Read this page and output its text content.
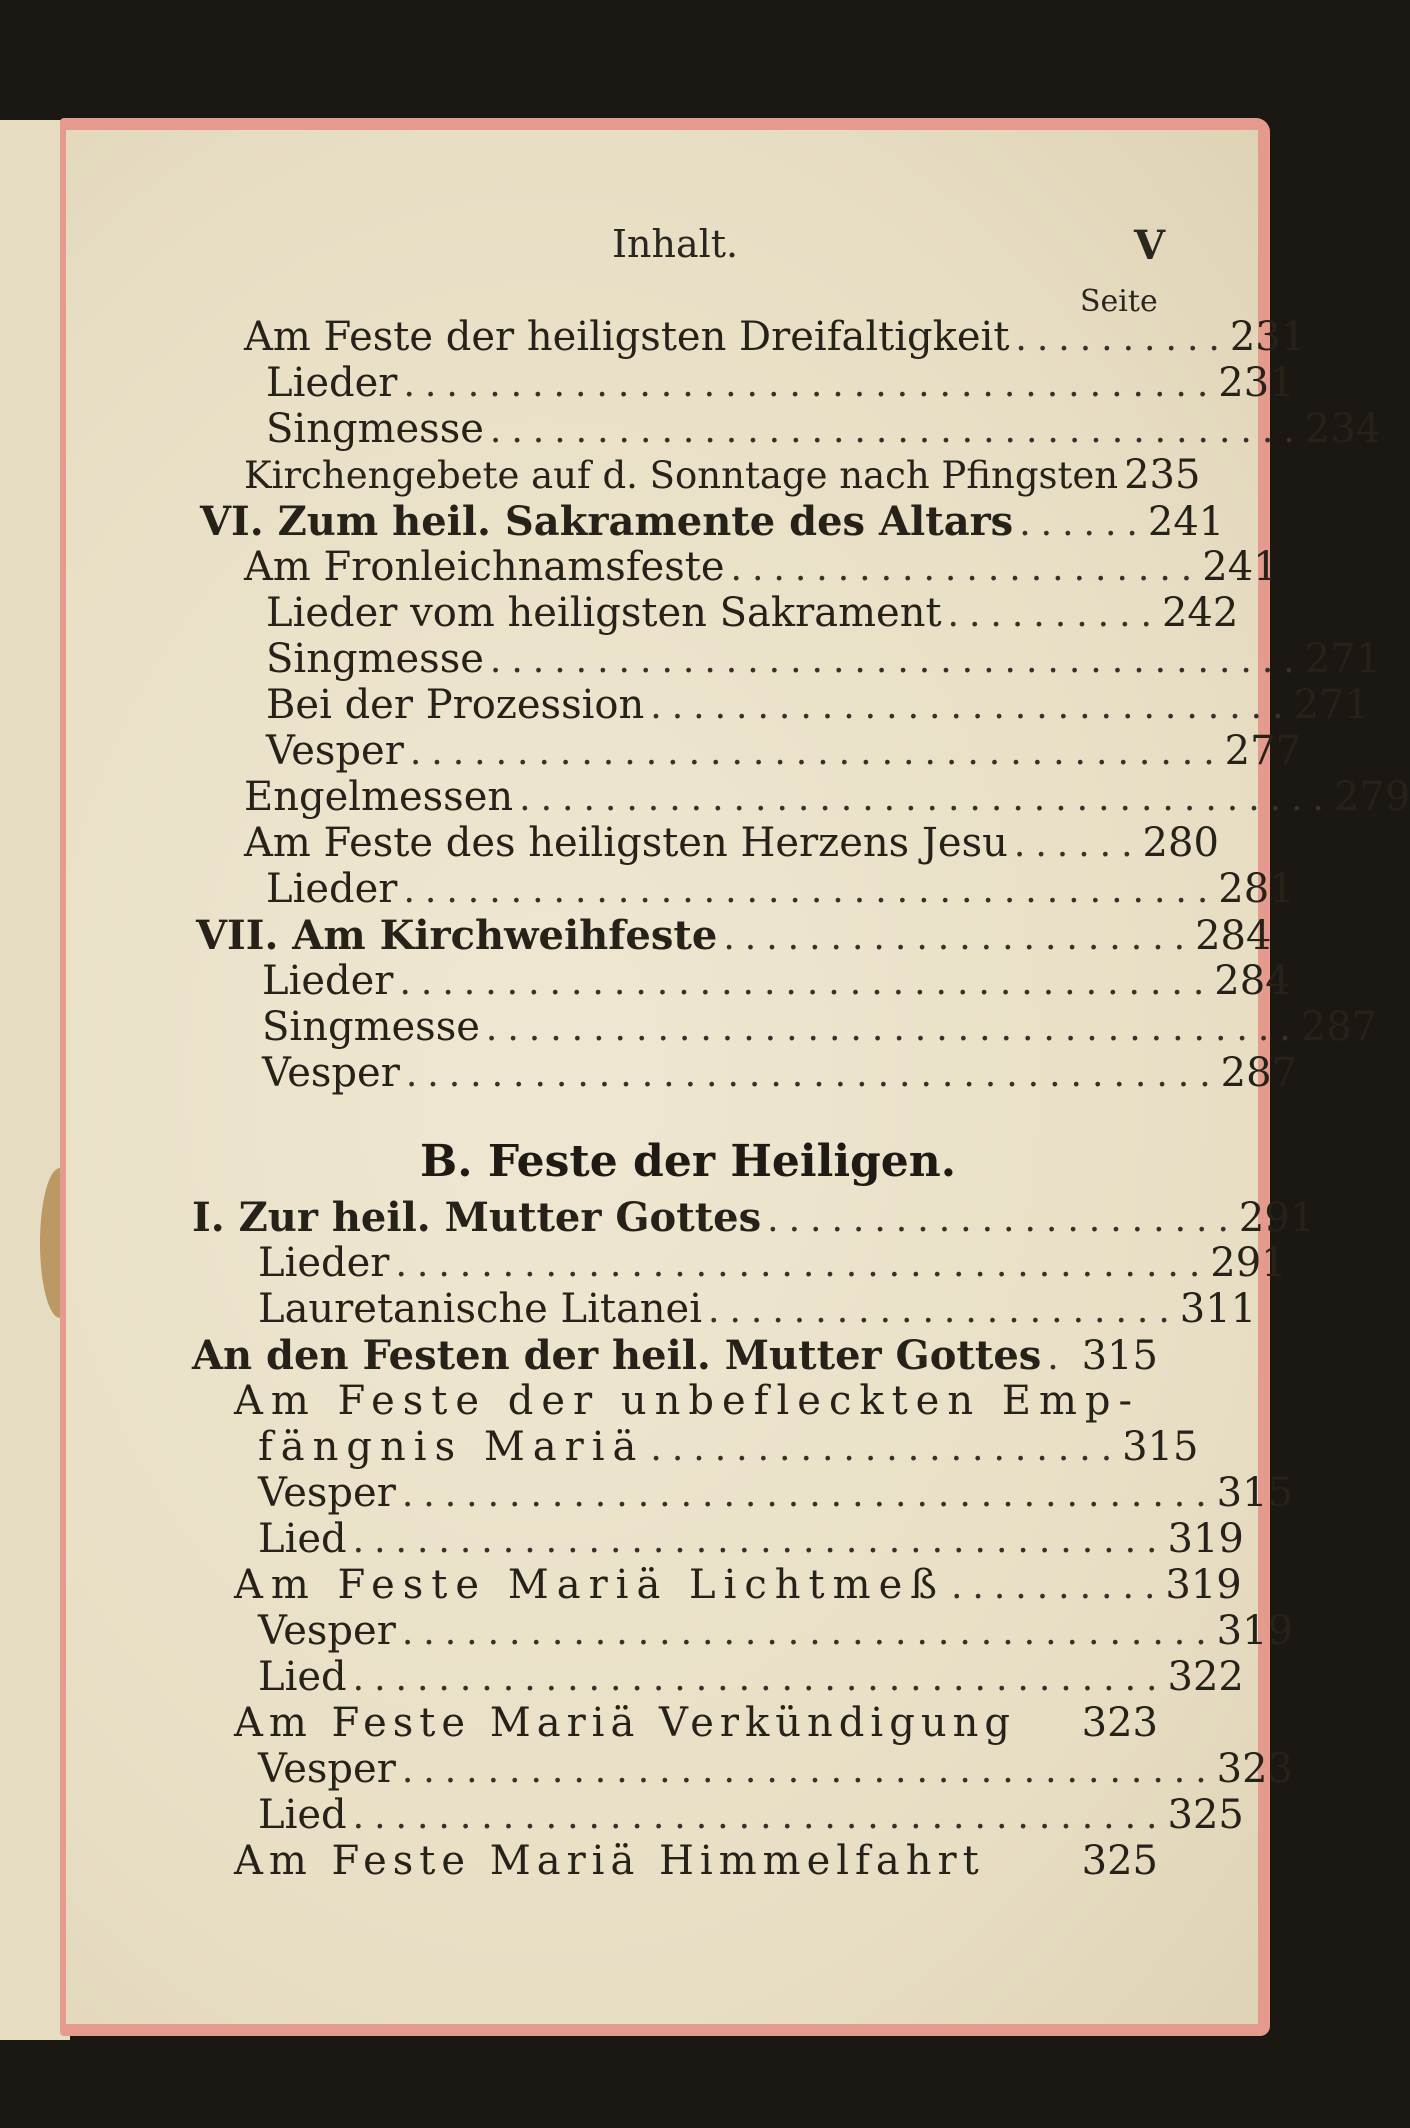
Inhalt.	V
Seite
Am Feste der heiligsten Dreifaltigkeit .......... 231
Lieder ...................................... 231
Singmesse ...................................... 234
Kirchengebete auf d. Sonntage nach Pfingsten 235
VI. Zum heil. Sakramente des Altars ...... 241
Am Fronleichnamsfeste ...................... 241
Lieder vom heiligsten Sakrament .......... 242
Singmesse ...................................... 271
Bei der Prozession .............................. 271
Vesper ...................................... 277
Engelmessen ...................................... 279
Am Feste des heiligsten Herzens Jesu ...... 280
Lieder ...................................... 281
VII. Am Kirchweihfeste ...................... 284
Lieder ...................................... 284
Singmesse ...................................... 287
Vesper ...................................... 287
B. Feste der Heiligen.
I. Zur heil. Mutter Gottes ...................... 291
Lieder ...................................... 291
Lauretanische Litanei ...................... 311
An den Festen der heil. Mutter Gottes . 315
Am Feste der unbefleckten Emp-
fängnis Mariä ...................... 315
Vesper ...................................... 315
Lied ...................................... 319
Am Feste Mariä Lichtmeß .......... 319
Vesper ...................................... 319
Lied ...................................... 322
Am Feste Mariä Verkündigung 323
Vesper ...................................... 323
Lied ...................................... 325
Am Feste Mariä Himmelfahrt 325
